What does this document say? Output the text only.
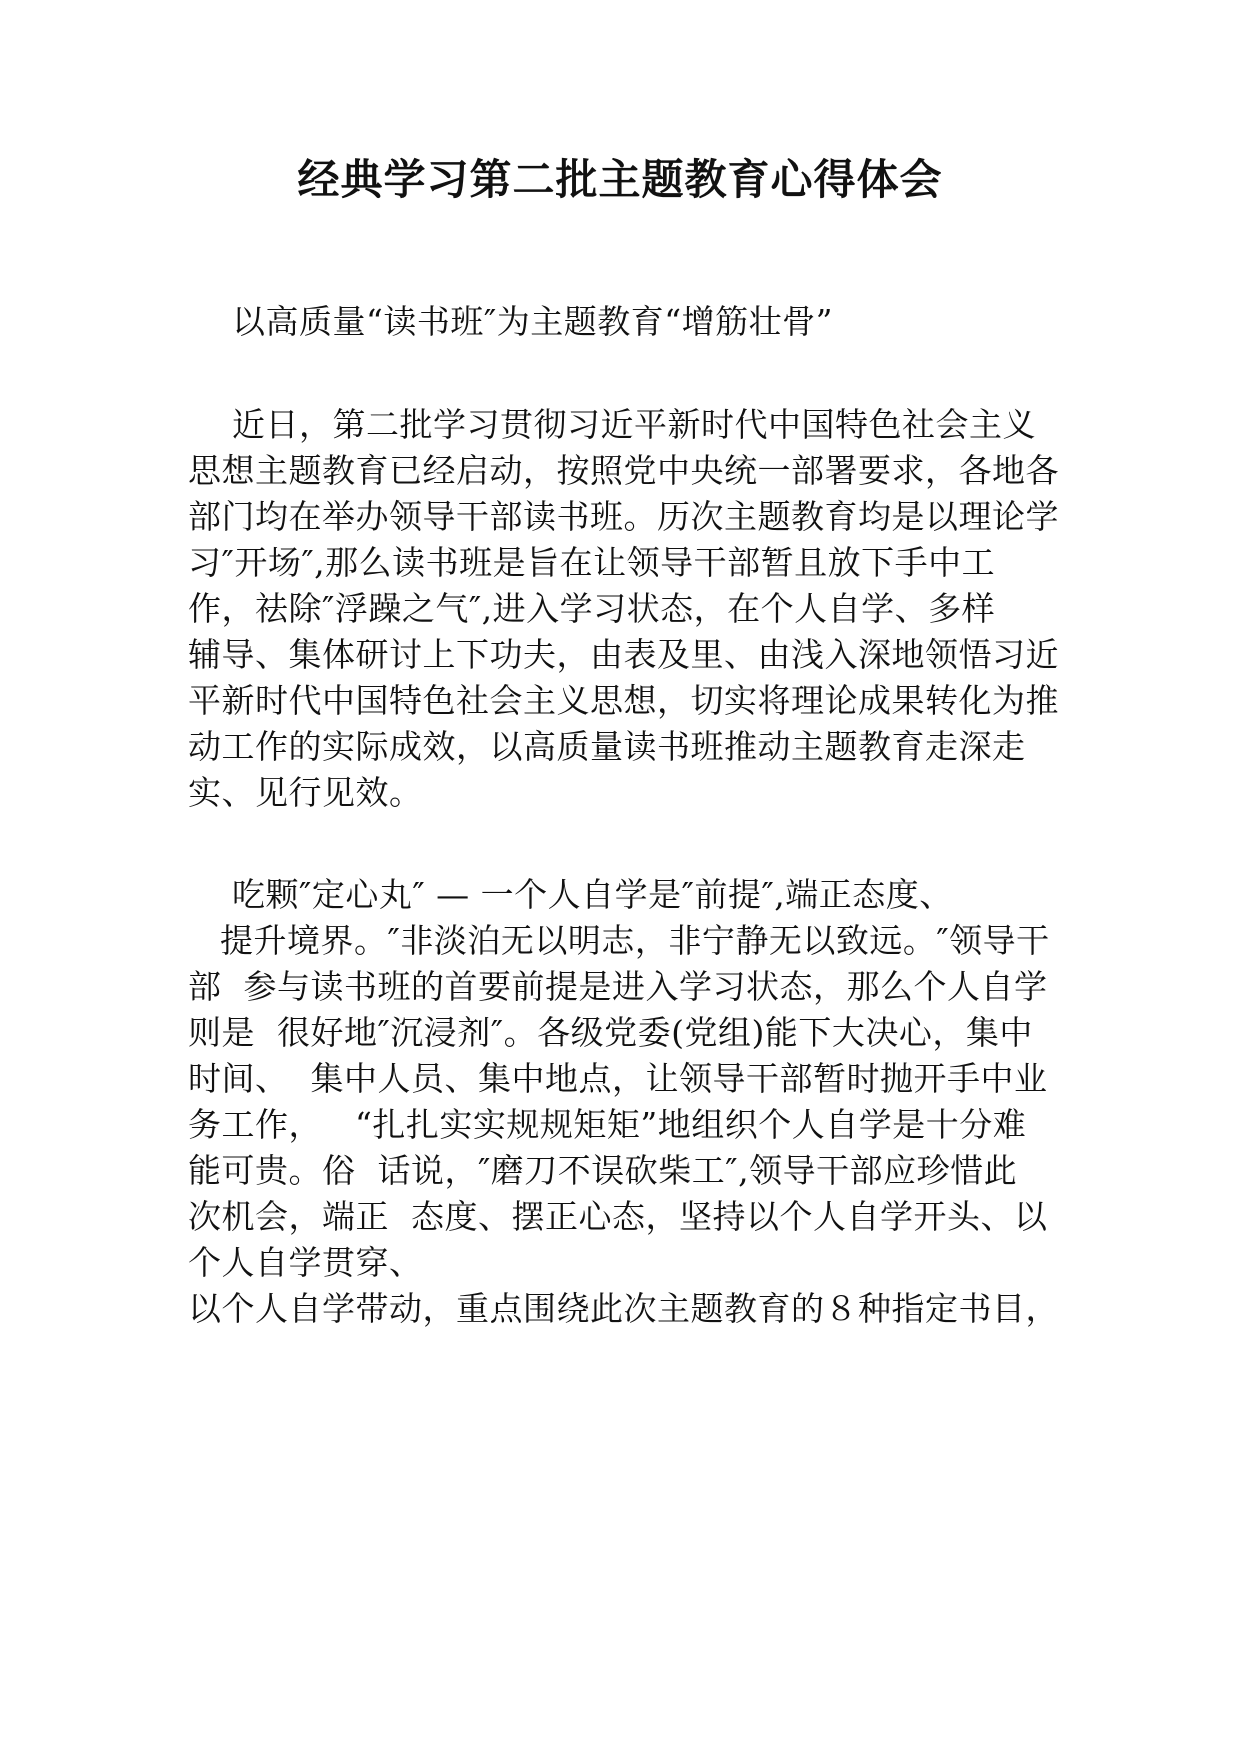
经典学习第二批主题教育心得体会
以高质量“读书班″为主题教育“增筋壮骨”
近日，第二批学习贯彻习近平新时代中国特色社会主义
思想主题教育已经启动，按照党中央统一部署要求，各地各
部门均在举办领导干部读书班。历次主题教育均是以理论学
习″开场″,那么读书班是旨在让领导干部暂且放下手中工
作，祛除″浮躁之气″,进入学习状态，在个人自学、多样
辅导、集体研讨上下功夫，由表及里、由浅入深地领悟习近
平新时代中国特色社会主义思想，切实将理论成果转化为推
动工作的实际成效，以高质量读书班推动主题教育走深走
实、见行见效。
吃颗″定心丸″ — 一个人自学是″前提″,端正态度、
提升境界。″非淡泊无以明志，非宁静无以致远。″领导干
部  参与读书班的首要前提是进入学习状态，那么个人自学
则是  很好地″沉浸剂″。各级党委(党组)能下大决心，集中
时间、  集中人员、集中地点，让领导干部暂时抛开手中业
务工作，   “扎扎实实规规矩矩”地组织个人自学是十分难
能可贵。俗  话说，″磨刀不误砍柴工″,领导干部应珍惜此
次机会，端正  态度、摆正心态，坚持以个人自学开头、以
个人自学贯穿、
以个人自学带动，重点围绕此次主题教育的８种指定书目，
